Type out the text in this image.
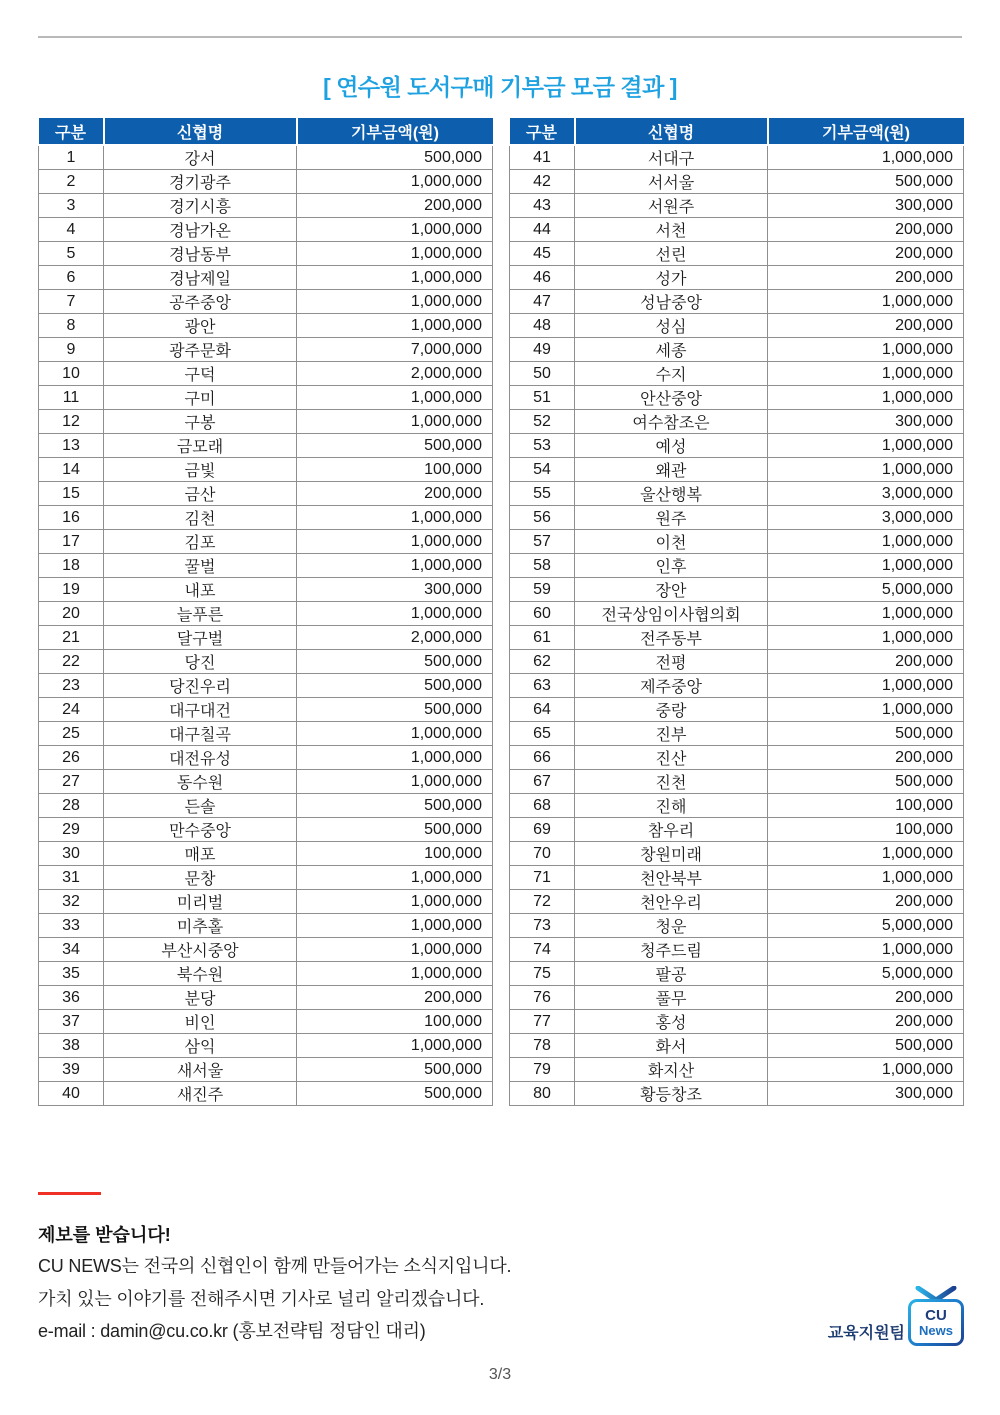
[ 연수원 도서구매 기부금 모금 결과 ]
구분	신협명	기부금액(원)
1	강서	500,000
2	경기광주	1,000,000
3	경기시흥	200,000
4	경남가온	1,000,000
5	경남동부	1,000,000
6	경남제일	1,000,000
7	공주중앙	1,000,000
8	광안	1,000,000
9	광주문화	7,000,000
10	구덕	2,000,000
11	구미	1,000,000
12	구봉	1,000,000
13	금모래	500,000
14	금빛	100,000
15	금산	200,000
16	김천	1,000,000
17	김포	1,000,000
18	꿀벌	1,000,000
19	내포	300,000
20	늘푸른	1,000,000
21	달구벌	2,000,000
22	당진	500,000
23	당진우리	500,000
24	대구대건	500,000
25	대구칠곡	1,000,000
26	대전유성	1,000,000
27	동수원	1,000,000
28	든솔	500,000
29	만수중앙	500,000
30	매포	100,000
31	문창	1,000,000
32	미리벌	1,000,000
33	미추홀	1,000,000
34	부산시중앙	1,000,000
35	북수원	1,000,000
36	분당	200,000
37	비인	100,000
38	삼익	1,000,000
39	새서울	500,000
40	새진주	500,000
구분	신협명	기부금액(원)
41	서대구	1,000,000
42	서서울	500,000
43	서원주	300,000
44	서천	200,000
45	선린	200,000
46	성가	200,000
47	성남중앙	1,000,000
48	성심	200,000
49	세종	1,000,000
50	수지	1,000,000
51	안산중앙	1,000,000
52	여수참조은	300,000
53	예성	1,000,000
54	왜관	1,000,000
55	울산행복	3,000,000
56	원주	3,000,000
57	이천	1,000,000
58	인후	1,000,000
59	장안	5,000,000
60	전국상임이사협의회	1,000,000
61	전주동부	1,000,000
62	전평	200,000
63	제주중앙	1,000,000
64	중랑	1,000,000
65	진부	500,000
66	진산	200,000
67	진천	500,000
68	진해	100,000
69	참우리	100,000
70	창원미래	1,000,000
71	천안북부	1,000,000
72	천안우리	200,000
73	청운	5,000,000
74	청주드림	1,000,000
75	팔공	5,000,000
76	풀무	200,000
77	홍성	200,000
78	화서	500,000
79	화지산	1,000,000
80	황등창조	300,000
제보를 받습니다!
CU NEWS는 전국의 신협인이 함께 만들어가는 소식지입니다.
가치 있는 이야기를 전해주시면 기사로 널리 알리겠습니다.
e-mail : damin@cu.co.kr (홍보전략팀 정담인 대리)	교육지원팀
CU
News
3/3
